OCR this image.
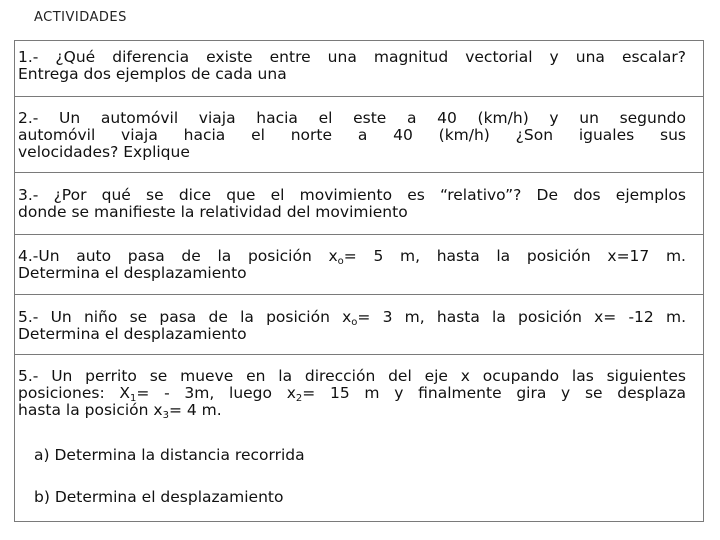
ACTIVIDADES
1.- ¿Qué diferencia existe entre una magnitud vectorial y una escalar?
Entrega dos ejemplos de cada una
2.- Un automóvil viaja hacia el este a 40 (km/h) y un segundo
automóvil viaja hacia el norte a 40 (km/h) ¿Son iguales sus
velocidades? Explique
3.- ¿Por qué se dice que el movimiento es “relativo”? De dos ejemplos
donde se manifieste la relatividad del movimiento
4.-Un auto pasa de la posición $x_o= 5$ m, hasta la posición x=17 m.
Determina el desplazamiento
5.- Un niño se pasa de la posición $x_o= 3$ m, hasta la posición x= -12 m.
Determina el desplazamiento
5.- Un perrito se mueve en la dirección del eje x ocupando las siguientes
posiciones: $X_1= - 3m$, luego $x_2= 15$ m y finalmente gira y se desplaza
hasta la posición $x_3= 4$ m.
a) Determina la distancia recorrida
b) Determina el desplazamiento
